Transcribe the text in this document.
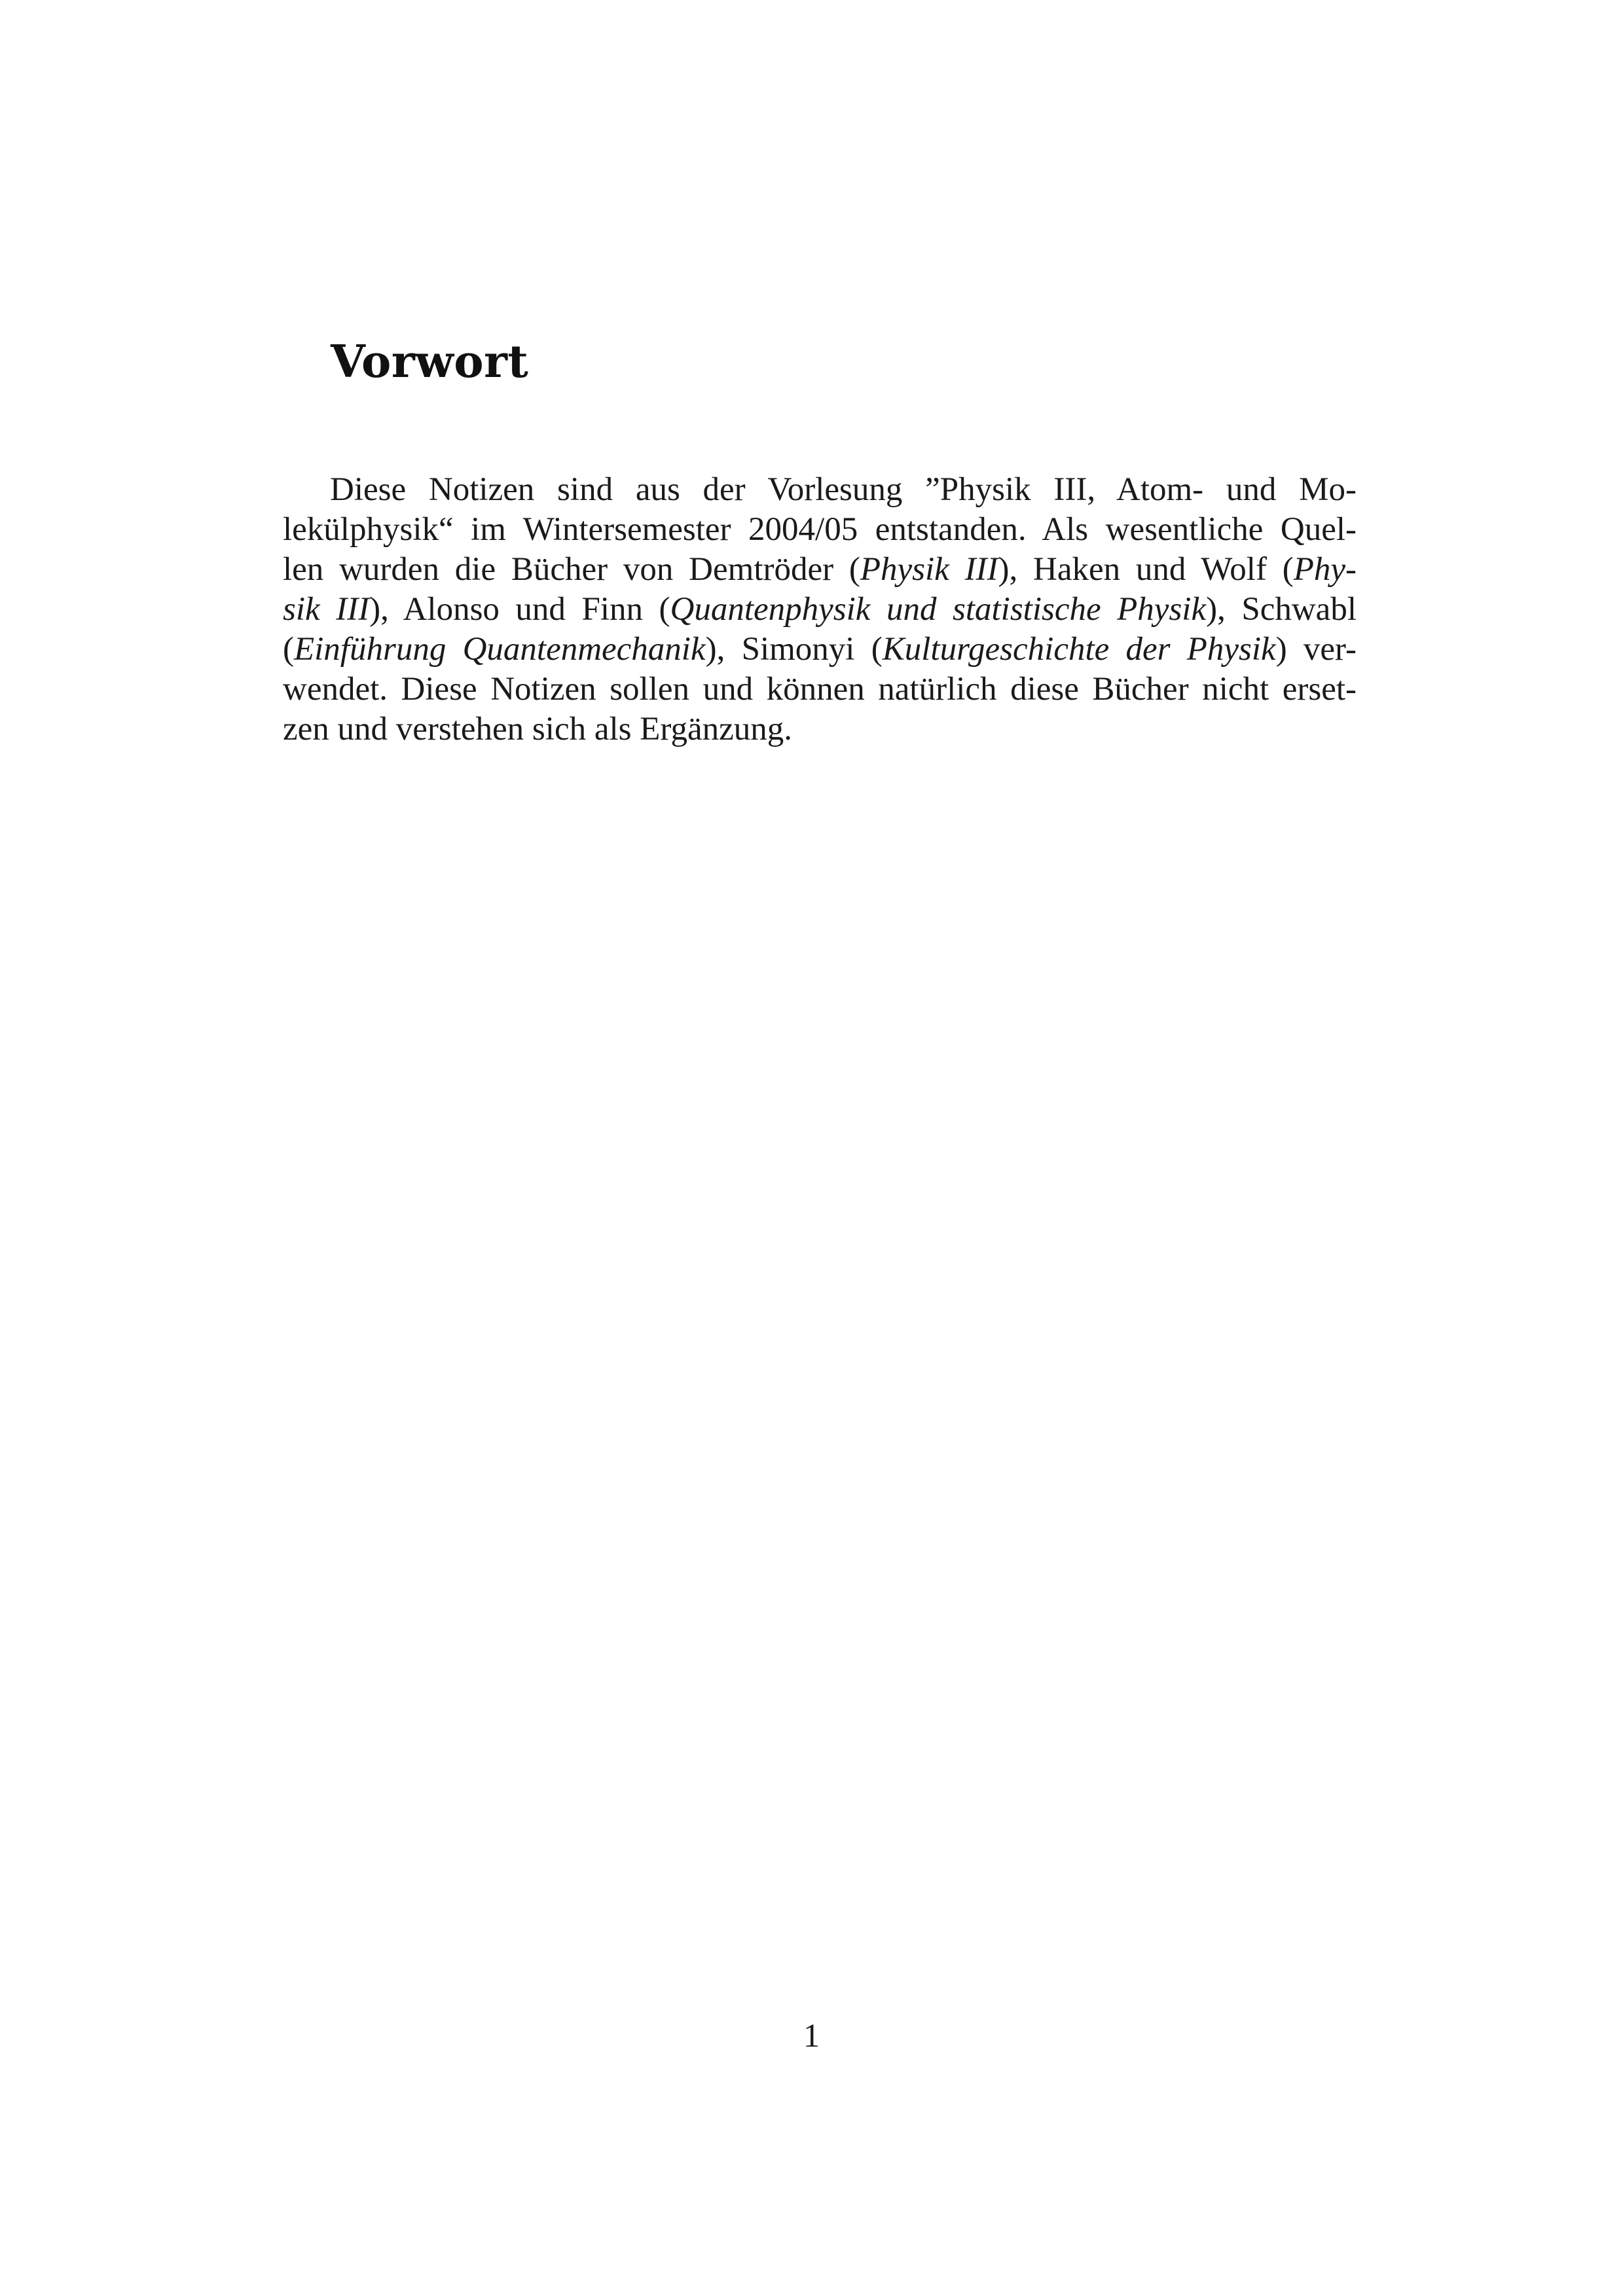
Vorwort
Diese Notizen sind aus der Vorlesung ”Physik III, Atom- und Mo-
lekülphysik“ im Wintersemester 2004/05 entstanden. Als wesentliche Quel-
len wurden die Bücher von Demtröder (Physik III), Haken und Wolf (Phy-
sik III), Alonso und Finn (Quantenphysik und statistische Physik), Schwabl
(Einführung Quantenmechanik), Simonyi (Kulturgeschichte der Physik) ver-
wendet. Diese Notizen sollen und können natürlich diese Bücher nicht erset-
zen und verstehen sich als Ergänzung.

1
